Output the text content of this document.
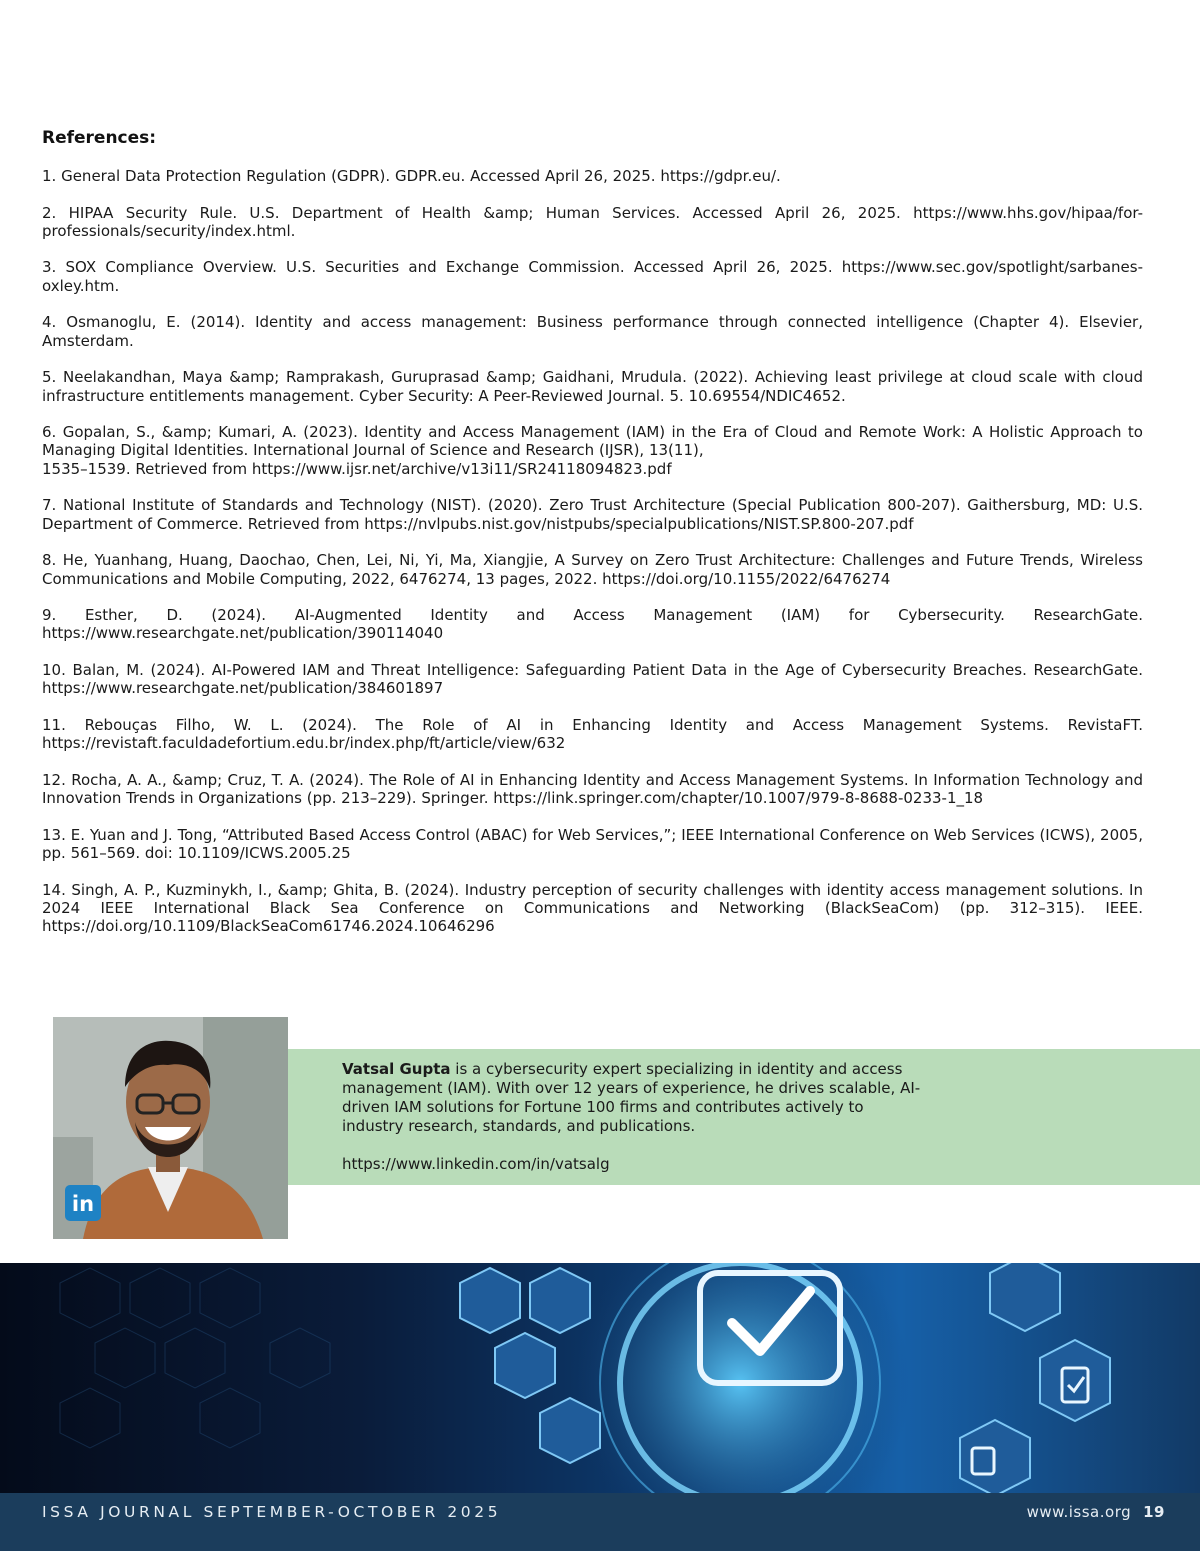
References:

1. General Data Protection Regulation (GDPR). GDPR.eu. Accessed April 26, 2025. https://gdpr.eu/.

2. HIPAA Security Rule. U.S. Department of Health &amp; Human Services. Accessed April 26, 2025. https://www.hhs.gov/hipaa/for-professionals/security/index.html.

3. SOX Compliance Overview. U.S. Securities and Exchange Commission. Accessed April 26, 2025. https://www.sec.gov/spotlight/sarbanes-oxley.htm.

4. Osmanoglu, E. (2014). Identity and access management: Business performance through connected intelligence (Chapter 4). Elsevier, Amsterdam.

5. Neelakandhan, Maya &amp; Ramprakash, Guruprasad &amp; Gaidhani, Mrudula. (2022). Achieving least privilege at cloud scale with cloud infrastructure entitlements management. Cyber Security: A Peer-Reviewed Journal. 5. 10.69554/NDIC4652.

6. Gopalan, S., &amp; Kumari, A. (2023). Identity and Access Management (IAM) in the Era of Cloud and Remote Work: A Holistic Approach to Managing Digital Identities. International Journal of Science and Research (IJSR), 13(11),
1535–1539. Retrieved from https://www.ijsr.net/archive/v13i11/SR24118094823.pdf

7. National Institute of Standards and Technology (NIST). (2020). Zero Trust Architecture (Special Publication 800-207). Gaithersburg, MD: U.S. Department of Commerce. Retrieved from https://nvlpubs.nist.gov/nistpubs/specialpublications/NIST.SP.800-207.pdf

8. He, Yuanhang, Huang, Daochao, Chen, Lei, Ni, Yi, Ma, Xiangjie, A Survey on Zero Trust Architecture: Challenges and Future Trends, Wireless Communications and Mobile Computing, 2022, 6476274, 13 pages, 2022. https://doi.org/10.1155/2022/6476274

9. Esther, D. (2024). AI-Augmented Identity and Access Management (IAM) for Cybersecurity. ResearchGate. https://www.researchgate.net/publication/390114040

10. Balan, M. (2024). AI-Powered IAM and Threat Intelligence: Safeguarding Patient Data in the Age of Cybersecurity Breaches. ResearchGate. https://www.researchgate.net/publication/384601897

11. Rebouças Filho, W. L. (2024). The Role of AI in Enhancing Identity and Access Management Systems. RevistaFT. https://revistaft.faculdadefortium.edu.br/index.php/ft/article/view/632

12. Rocha, A. A., &amp; Cruz, T. A. (2024). The Role of AI in Enhancing Identity and Access Management Systems. In Information Technology and Innovation Trends in Organizations (pp. 213–229). Springer. https://link.springer.com/chapter/10.1007/979-8-8688-0233-1_18

13. E. Yuan and J. Tong, “Attributed Based Access Control (ABAC) for Web Services,”; IEEE International Conference on Web Services (ICWS), 2005, pp. 561–569. doi: 10.1109/ICWS.2005.25

14. Singh, A. P., Kuzminykh, I., &amp; Ghita, B. (2024). Industry perception of security challenges with identity access management solutions. In 2024 IEEE International Black Sea Conference on Communications and Networking (BlackSeaCom) (pp. 312–315). IEEE. https://doi.org/10.1109/BlackSeaCom61746.2024.10646296

in

Vatsal Gupta is a cybersecurity expert specializing in identity and access management (IAM). With over 12 years of experience, he drives scalable, AI-driven IAM solutions for Fortune 100 firms and contributes actively to industry research, standards, and publications.

https://www.linkedin.com/in/vatsalg

ISSA JOURNAL SEPTEMBER-OCTOBER 2025	www.issa.org 19
